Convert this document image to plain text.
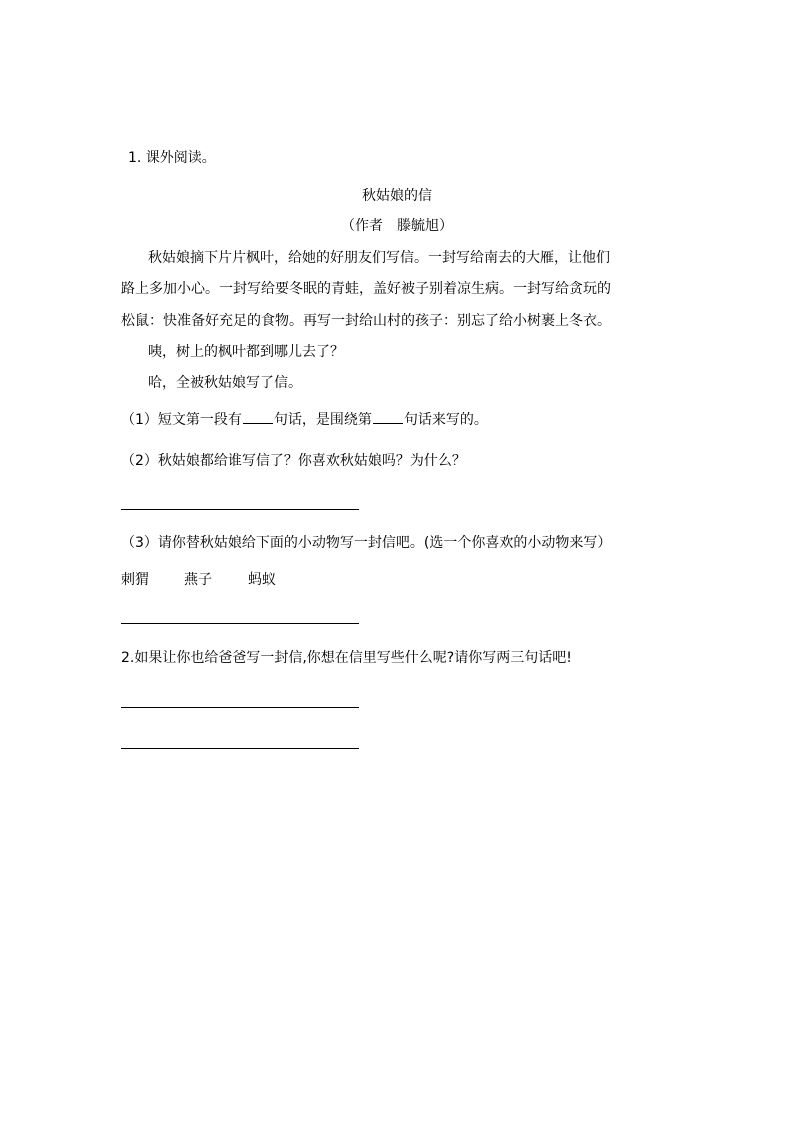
1. 课外阅读。
秋姑娘的信
（作者　滕毓旭）
秋姑娘摘下片片枫叶，给她的好朋友们写信。一封写给南去的大雁，让他们
路上多加小心。一封写给要冬眠的青蛙，盖好被子别着凉生病。一封写给贪玩的
松鼠：快准备好充足的食物。再写一封给山村的孩子：别忘了给小树裹上冬衣。
咦，树上的枫叶都到哪儿去了？
哈，全被秋姑娘写了信。
（1）短文第一段有 句话，是围绕第 句话来写的。
（2）秋姑娘都给谁写信了？你喜欢秋姑娘吗？为什么？
（3）请你替秋姑娘给下面的小动物写一封信吧。(选一个你喜欢的小动物来写）
刺猬	燕子	蚂蚁
2.如果让你也给爸爸写一封信,你想在信里写些什么呢?请你写两三句话吧!
